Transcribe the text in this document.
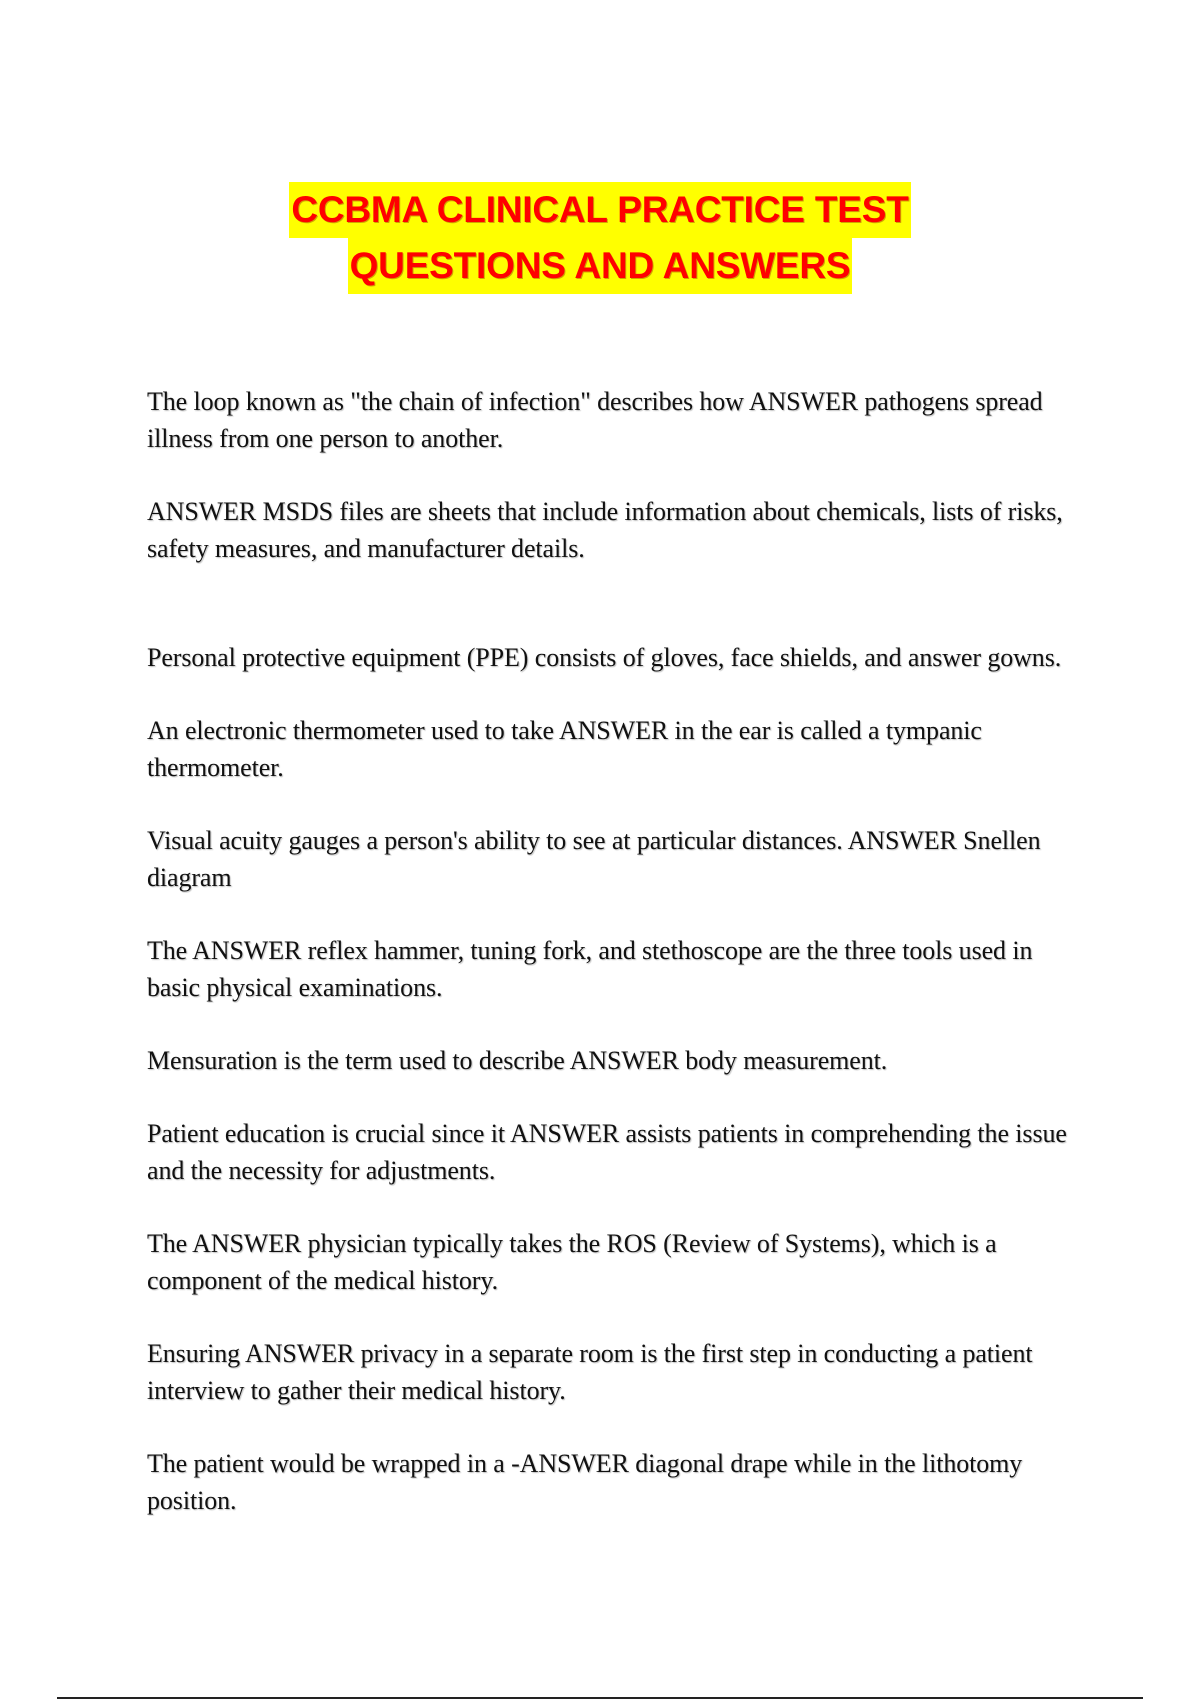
CCBMA CLINICAL PRACTICE TEST
QUESTIONS AND ANSWERS

The loop known as "the chain of infection" describes how ANSWER pathogens spread illness from one person to another.

ANSWER MSDS files are sheets that include information about chemicals, lists of risks, safety measures, and manufacturer details.

Personal protective equipment (PPE) consists of gloves, face shields, and answer gowns.

An electronic thermometer used to take ANSWER in the ear is called a tympanic thermometer.

Visual acuity gauges a person's ability to see at particular distances. ANSWER Snellen diagram

The ANSWER reflex hammer, tuning fork, and stethoscope are the three tools used in basic physical examinations.

Mensuration is the term used to describe ANSWER body measurement.

Patient education is crucial since it ANSWER assists patients in comprehending the issue and the necessity for adjustments.

The ANSWER physician typically takes the ROS (Review of Systems), which is a component of the medical history.

Ensuring ANSWER privacy in a separate room is the first step in conducting a patient interview to gather their medical history.

The patient would be wrapped in a -ANSWER diagonal drape while in the lithotomy position.
